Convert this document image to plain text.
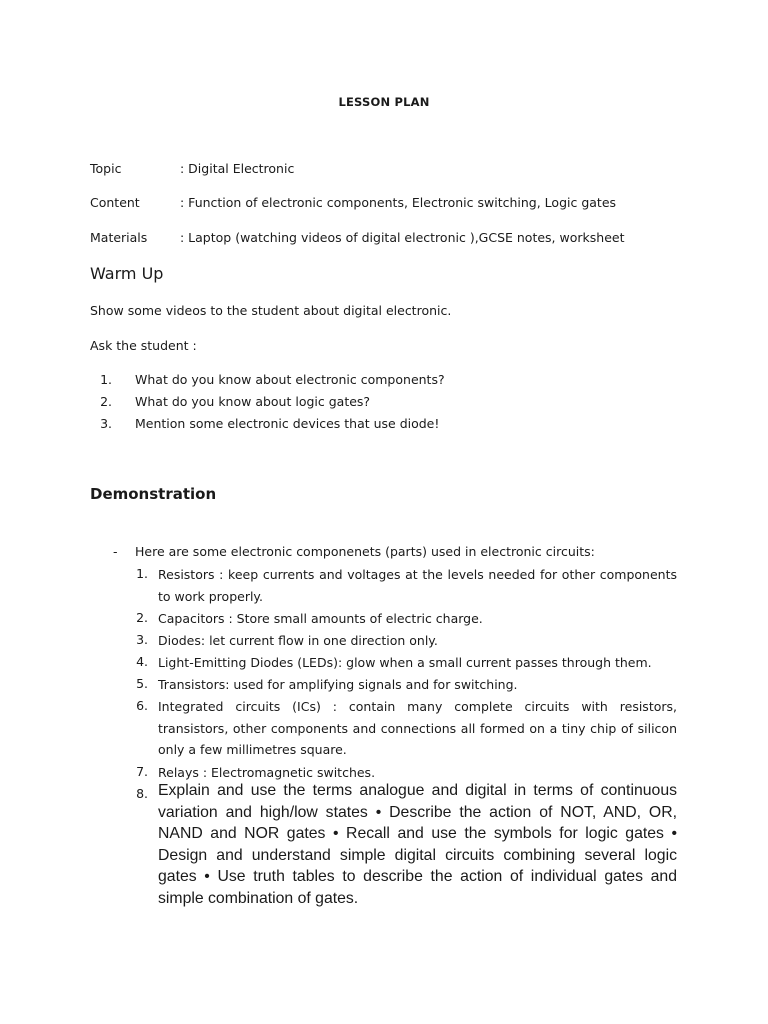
LESSON PLAN

Topic	: Digital Electronic
Content	: Function of electronic components, Electronic switching, Logic gates
Materials	: Laptop (watching videos of digital electronic ),GCSE notes, worksheet
Warm Up

Show some videos to the student about digital electronic.

Ask the student :

1. What do you know about electronic components?
2. What do you know about logic gates?
3. Mention some electronic devices that use diode!
Demonstration
- Here are some electronic componenets (parts) used in electronic circuits:

1. Resistors : keep currents and voltages at the levels needed for other components to work properly.

2. Capacitors : Store small amounts of electric charge.

3. Diodes: let current flow in one direction only.

4. Light-Emitting Diodes (LEDs): glow when a small current passes through them.

5. Transistors: used for amplifying signals and for switching.

6. Integrated circuits (ICs) : contain many complete circuits with resistors, transistors, other components and connections all formed on a tiny chip of silicon only a few millimetres square.

7. Relays : Electromagnetic switches.

8. Explain and use the terms analogue and digital in terms of continuous variation and high/low states • Describe the action of NOT, AND, OR, NAND and NOR gates • Recall and use the symbols for logic gates • Design and understand simple digital circuits combining several logic gates • Use truth tables to describe the action of individual gates and simple combination of gates.
